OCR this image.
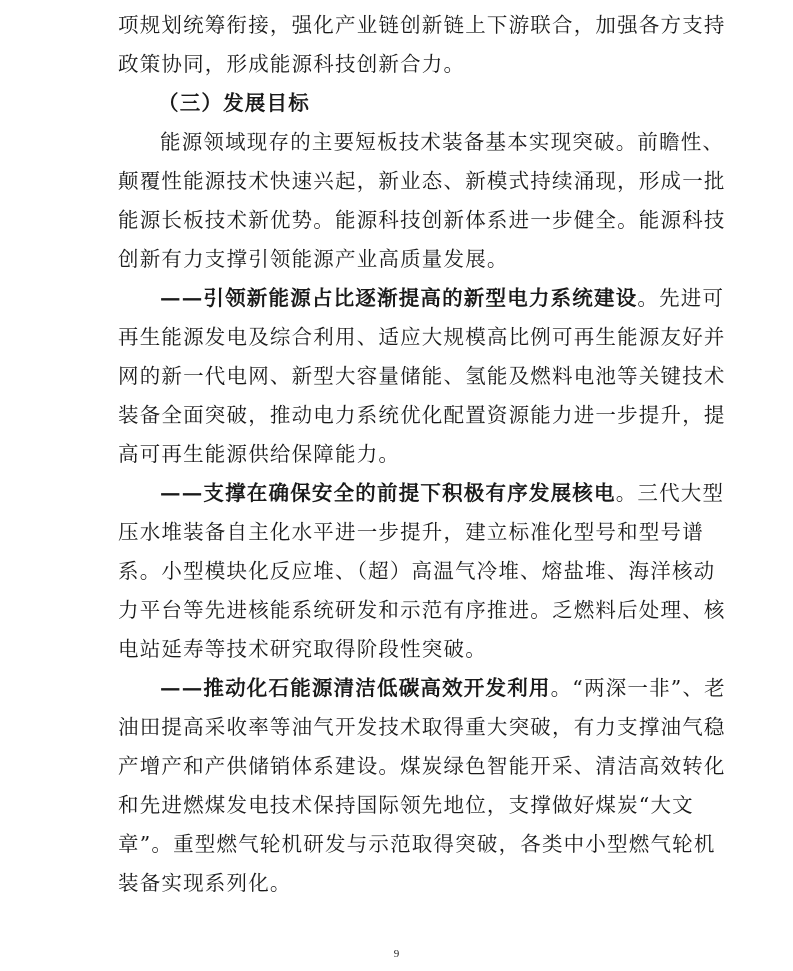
项规划统筹衔接，强化产业链创新链上下游联合，加强各方支持
政策协同，形成能源科技创新合力。
（三）发展目标
能源领域现存的主要短板技术装备基本实现突破。前瞻性、
颠覆性能源技术快速兴起，新业态、新模式持续涌现，形成一批
能源长板技术新优势。能源科技创新体系进一步健全。能源科技
创新有力支撑引领能源产业高质量发展。
——引领新能源占比逐渐提高的新型电力系统建设。先进可
再生能源发电及综合利用、适应大规模高比例可再生能源友好并
网的新一代电网、新型大容量储能、氢能及燃料电池等关键技术
装备全面突破，推动电力系统优化配置资源能力进一步提升，提
高可再生能源供给保障能力。
——支撑在确保安全的前提下积极有序发展核电。三代大型
压水堆装备自主化水平进一步提升，建立标准化型号和型号谱
系。小型模块化反应堆、（超）高温气冷堆、熔盐堆、海洋核动
力平台等先进核能系统研发和示范有序推进。乏燃料后处理、核
电站延寿等技术研究取得阶段性突破。
——推动化石能源清洁低碳高效开发利用。“两深一非”、老
油田提高采收率等油气开发技术取得重大突破，有力支撑油气稳
产增产和产供储销体系建设。煤炭绿色智能开采、清洁高效转化
和先进燃煤发电技术保持国际领先地位，支撑做好煤炭“大文
章”。重型燃气轮机研发与示范取得突破，各类中小型燃气轮机
装备实现系列化。
9
